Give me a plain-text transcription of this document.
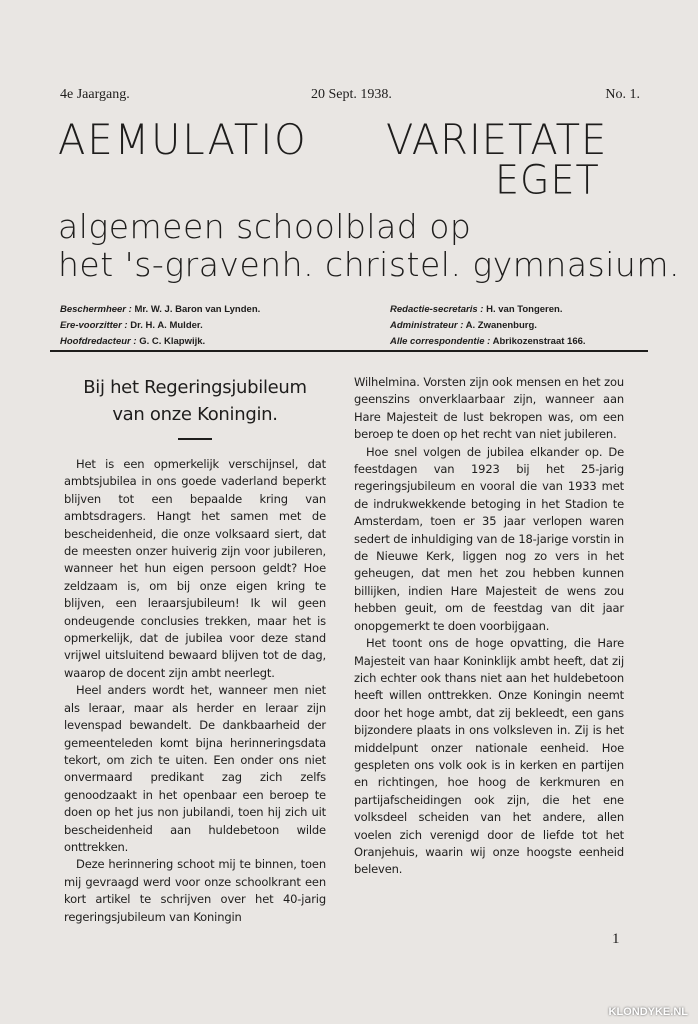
4e Jaargang.	20 Sept. 1938.	No. 1.
AEMULATIO VARIETATE
EGET
algemeen schoolblad op
het 's-gravenh. christel. gymnasium.
Beschermheer : Mr. W. J. Baron van Lynden.
Ere-voorzitter : Dr. H. A. Mulder.
Hoofdredacteur : G. C. Klapwijk.
Redactie-secretaris : H. van Tongeren.
Administrateur : A. Zwanenburg.
Alle correspondentie : Abrikozenstraat 166.
Bij het Regeringsjubileum
van onze Koningin.

Het is een opmerkelijk verschijnsel, dat ambtsjubilea in ons goede vaderland beperkt blijven tot een bepaalde kring van ambtsdragers. Hangt het samen met de bescheidenheid, die onze volksaard siert, dat de meesten onzer huiverig zijn voor jubileren, wanneer het hun eigen persoon geldt? Hoe zeldzaam is, om bij onze eigen kring te blijven, een leraarsjubileum! Ik wil geen ondeugende conclusies trekken, maar het is opmerkelijk, dat de jubilea voor deze stand vrijwel uitsluitend bewaard blijven tot de dag, waarop de docent zijn ambt neerlegt.

Heel anders wordt het, wanneer men niet als leraar, maar als herder en leraar zijn levenspad bewandelt. De dankbaarheid der gemeenteleden komt bijna herinneringsdata tekort, om zich te uiten. Een onder ons niet onvermaard predikant zag zich zelfs genoodzaakt in het openbaar een beroep te doen op het jus non jubilandi, toen hij zich uit bescheidenheid aan huldebetoon wilde onttrekken.

Deze herinnering schoot mij te binnen, toen mij gevraagd werd voor onze schoolkrant een kort artikel te schrijven over het 40-jarig regeringsjubileum van Koningin

Wilhelmina. Vorsten zijn ook mensen en het zou geenszins onverklaarbaar zijn, wanneer aan Hare Majesteit de lust bekropen was, om een beroep te doen op het recht van niet jubileren.

Hoe snel volgen de jubilea elkander op. De feestdagen van 1923 bij het 25-jarig regeringsjubileum en vooral die van 1933 met de indrukwekkende betoging in het Stadion te Amsterdam, toen er 35 jaar verlopen waren sedert de inhuldiging van de 18-jarige vorstin in de Nieuwe Kerk, liggen nog zo vers in het geheugen, dat men het zou hebben kunnen billijken, indien Hare Majesteit de wens zou hebben geuit, om de feestdag van dit jaar onopgemerkt te doen voorbijgaan.

Het toont ons de hoge opvatting, die Hare Majesteit van haar Koninklijk ambt heeft, dat zij zich echter ook thans niet aan het huldebetoon heeft willen onttrekken. Onze Koningin neemt door het hoge ambt, dat zij bekleedt, een gans bijzondere plaats in ons volksleven in. Zij is het middelpunt onzer nationale eenheid. Hoe gespleten ons volk ook is in kerken en partijen en richtingen, hoe hoog de kerkmuren en partijafscheidingen ook zijn, die het ene volksdeel scheiden van het andere, allen voelen zich verenigd door de liefde tot het Oranjehuis, waarin wij onze hoogste eenheid beleven.

1
KLONDYKE.NL
